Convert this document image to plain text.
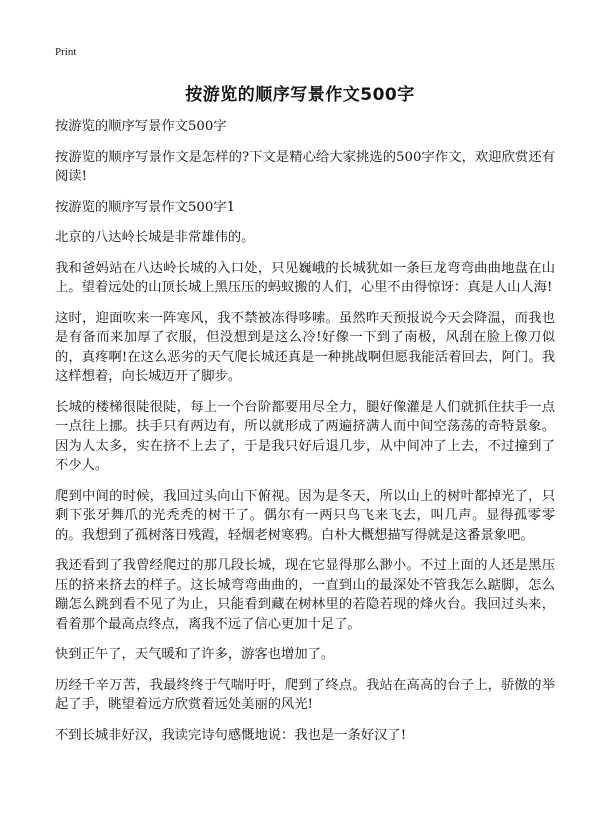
Print
按游览的顺序写景作文500字

按游览的顺序写景作文500字

按游览的顺序写景作文是怎样的?下文是精心给大家挑选的500字作文，欢迎欣赏还有阅读!

按游览的顺序写景作文500字1

北京的八达岭长城是非常雄伟的。

我和爸妈站在八达岭长城的入口处，只见巍峨的长城犹如一条巨龙弯弯曲曲地盘在山上。望着远处的山顶长城上黑压压的蚂蚁搬的人们，心里不由得惊讶：真是人山人海!

这时，迎面吹来一阵寒风，我不禁被冻得哆嗦。虽然昨天预报说今天会降温，而我也是有备而来加厚了衣服，但没想到是这么冷!好像一下到了南极，风刮在脸上像刀似的，真疼啊!在这么恶劣的天气爬长城还真是一种挑战啊但愿我能活着回去，阿门。我这样想着，向长城迈开了脚步。

长城的楼梯很陡很陡，每上一个台阶都要用尽全力，腿好像灌是人们就抓住扶手一点一点往上挪。扶手只有两边有，所以就形成了两遍挤满人而中间空荡荡的奇特景象。因为人太多，实在挤不上去了，于是我只好后退几步，从中间冲了上去，不过撞到了不少人。

爬到中间的时候，我回过头向山下俯视。因为是冬天，所以山上的树叶都掉光了，只剩下张牙舞爪的光秃秃的树干了。偶尔有一两只鸟飞来飞去，叫几声。显得孤零零的。我想到了孤树落日残霞，轻烟老树寒鸦。白朴大概想描写得就是这番景象吧。

我还看到了我曾经爬过的那几段长城，现在它显得那么渺小。不过上面的人还是黑压压的挤来挤去的样子。这长城弯弯曲曲的，一直到山的最深处不管我怎么踮脚，怎么蹦怎么跳到看不见了为止，只能看到藏在树林里的若隐若现的烽火台。我回过头来，看着那个最高点终点，离我不远了信心更加十足了。

快到正午了，天气暖和了许多，游客也增加了。

历经千辛万苦，我最终终于气喘吁吁，爬到了终点。我站在高高的台子上，骄傲的举起了手，眺望着远方欣赏着远处美丽的风光!

不到长城非好汉，我读完诗句感慨地说：我也是一条好汉了!
